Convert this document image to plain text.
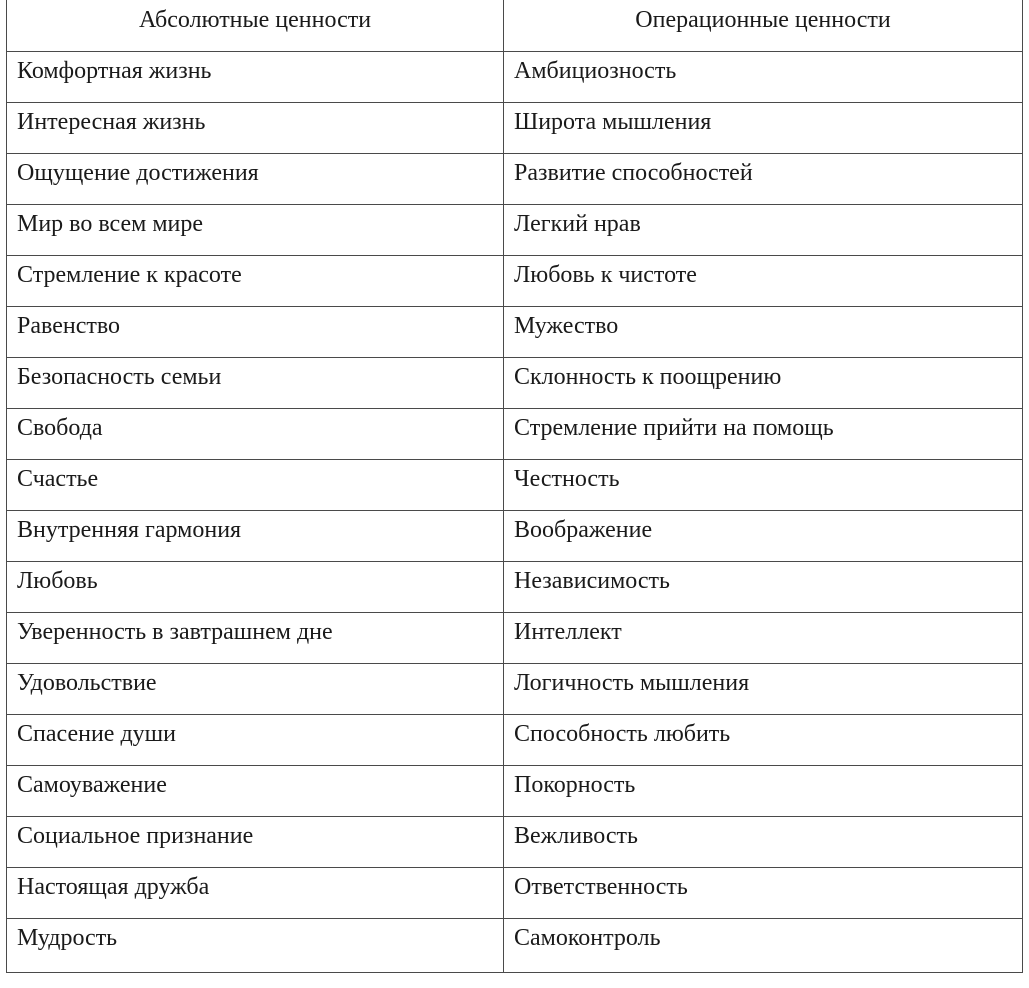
Абсолютные ценности	Операционные ценности
Комфортная жизнь	Амбициозность
Интересная жизнь	Широта мышления
Ощущение достижения	Развитие способностей
Мир во всем мире	Легкий нрав
Стремление к красоте	Любовь к чистоте
Равенство	Мужество
Безопасность семьи	Склонность к поощрению
Свобода	Стремление прийти на помощь
Счастье	Честность
Внутренняя гармония	Воображение
Любовь	Независимость
Уверенность в завтрашнем дне	Интеллект
Удовольствие	Логичность мышления
Спасение души	Способность любить
Самоуважение	Покорность
Социальное признание	Вежливость
Настоящая дружба	Ответственность
Мудрость	Самоконтроль
